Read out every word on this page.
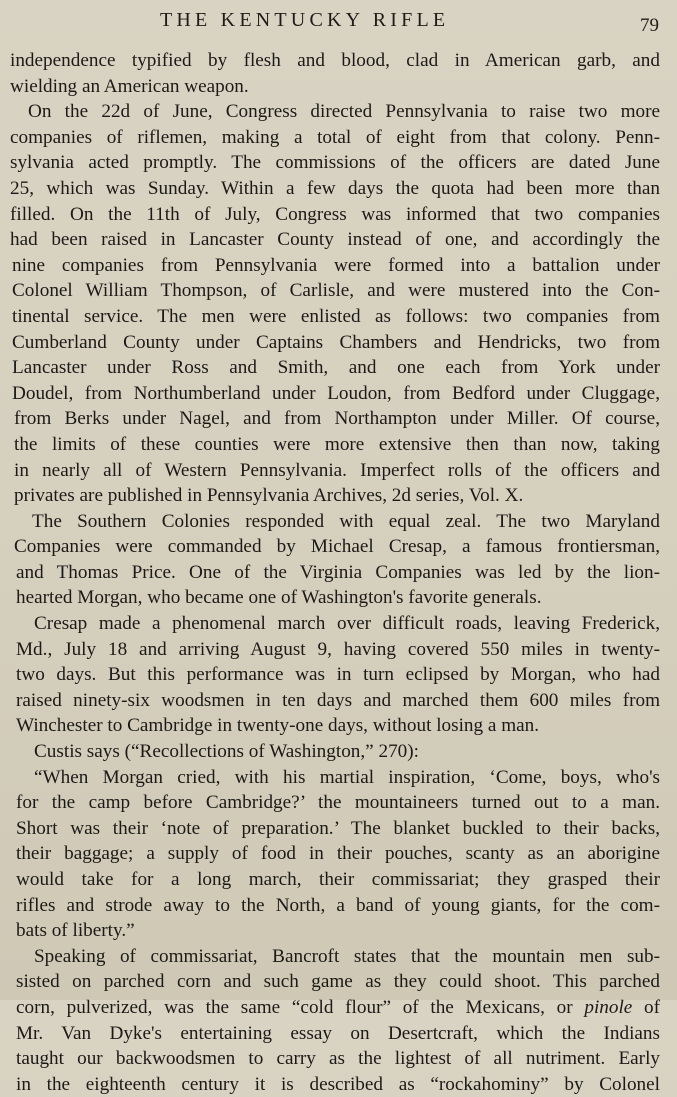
THE KENTUCKY RIFLE	79
independence typified by flesh and blood, clad in American garb, and
wielding an American weapon.
On the 22d of June, Congress directed Pennsylvania to raise two more
companies of riflemen, making a total of eight from that colony. Penn-
sylvania acted promptly. The commissions of the officers are dated June
25, which was Sunday. Within a few days the quota had been more than
filled. On the 11th of July, Congress was informed that two companies
had been raised in Lancaster County instead of one, and accordingly the
nine companies from Pennsylvania were formed into a battalion under
Colonel William Thompson, of Carlisle, and were mustered into the Con-
tinental service. The men were enlisted as follows: two companies from
Cumberland County under Captains Chambers and Hendricks, two from
Lancaster under Ross and Smith, and one each from York under
Doudel, from Northumberland under Loudon, from Bedford under Cluggage,
from Berks under Nagel, and from Northampton under Miller. Of course,
the limits of these counties were more extensive then than now, taking
in nearly all of Western Pennsylvania. Imperfect rolls of the officers and
privates are published in Pennsylvania Archives, 2d series, Vol. X.
The Southern Colonies responded with equal zeal. The two Maryland
Companies were commanded by Michael Cresap, a famous frontiersman,
and Thomas Price. One of the Virginia Companies was led by the lion-
hearted Morgan, who became one of Washington's favorite generals.
Cresap made a phenomenal march over difficult roads, leaving Frederick,
Md., July 18 and arriving August 9, having covered 550 miles in twenty-
two days. But this performance was in turn eclipsed by Morgan, who had
raised ninety-six woodsmen in ten days and marched them 600 miles from
Winchester to Cambridge in twenty-one days, without losing a man.
Custis says (“Recollections of Washington,” 270):
“When Morgan cried, with his martial inspiration, ‘Come, boys, who's
for the camp before Cambridge?’ the mountaineers turned out to a man.
Short was their ‘note of preparation.’ The blanket buckled to their backs,
their baggage; a supply of food in their pouches, scanty as an aborigine
would take for a long march, their commissariat; they grasped their
rifles and strode away to the North, a band of young giants, for the com-
bats of liberty.”
Speaking of commissariat, Bancroft states that the mountain men sub-
sisted on parched corn and such game as they could shoot. This parched
corn, pulverized, was the same “cold flour” of the Mexicans, or pinole of
Mr. Van Dyke's entertaining essay on Desertcraft, which the Indians
taught our backwoodsmen to carry as the lightest of all nutriment. Early
in the eighteenth century it is described as “rockahominy” by Colonel
